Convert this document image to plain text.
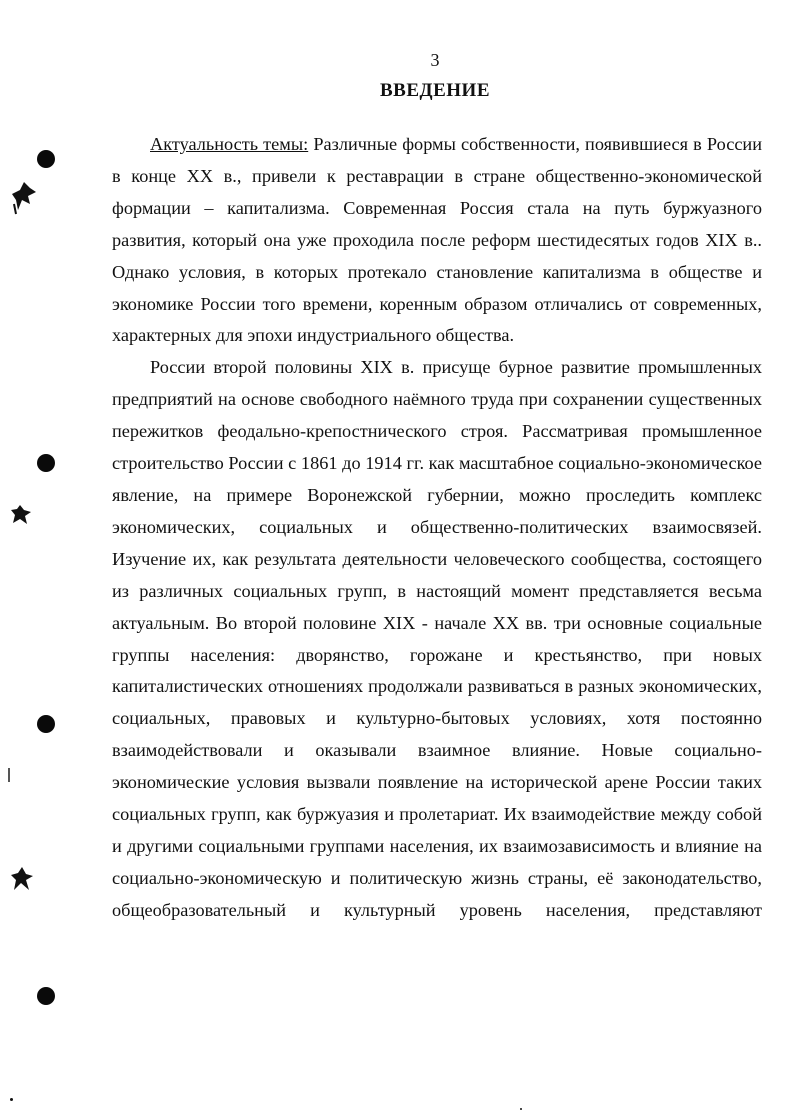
3
ВВЕДЕНИЕ

Актуальность темы: Различные формы собственности, появившиеся в России в конце XX в., привели к реставрации в стране общественно-экономической формации – капитализма. Современная Россия стала на путь буржуазного развития, который она уже проходила после реформ шестидесятых годов XIX в.. Однако условия, в которых протекало становление капитализма в обществе и экономике России того времени, коренным образом отличались от современных, характерных для эпохи индустриального общества.

России второй половины XIX в. присуще бурное развитие промышленных предприятий на основе свободного наёмного труда при сохранении существенных пережитков феодально-крепостнического строя. Рассматривая промышленное строительство России с 1861 до 1914 гг. как масштабное социально-экономическое явление, на примере Воронежской губернии, можно проследить комплекс экономических, социальных и общественно-политических взаимосвязей. Изучение их, как результата деятельности человеческого сообщества, состоящего из различных социальных групп, в настоящий момент представляется весьма актуальным. Во второй половине XIX - начале XX вв. три основные социальные группы населения: дворянство, горожане и крестьянство, при новых капиталистических отношениях продолжали развиваться в разных экономических, социальных, правовых и культурно-бытовых условиях, хотя постоянно взаимодействовали и оказывали взаимное влияние. Новые социально-экономические условия вызвали появление на исторической арене России таких социальных групп, как буржуазия и пролетариат. Их взаимодействие между собой и другими социальными группами населения, их взаимозависимость и влияние на социально-экономическую и политическую жизнь страны, её законодательство, общеобразовательный и культурный уровень населения, представляют
